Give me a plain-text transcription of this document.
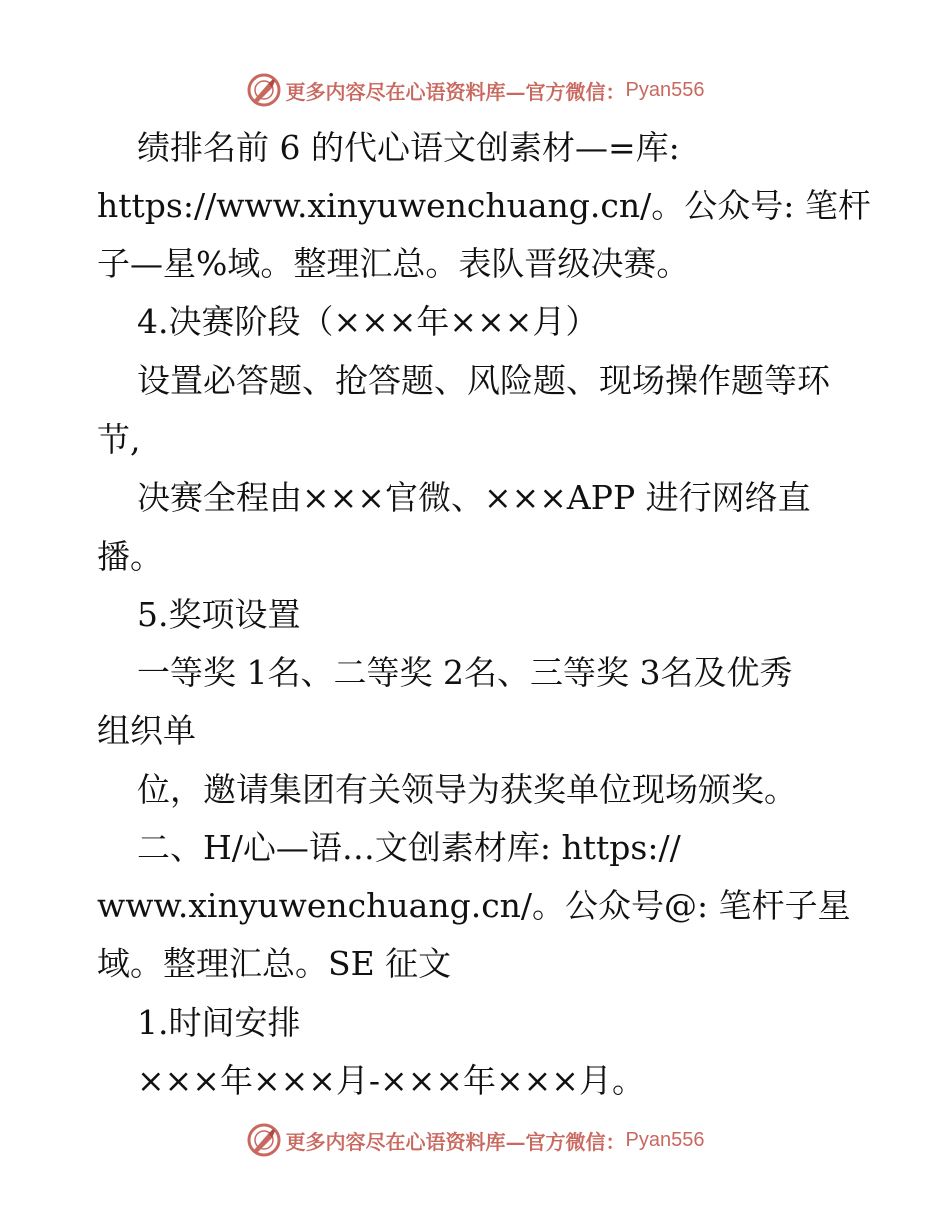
更多内容尽在心语资料库—官方微信： Pyan556
绩排名前 6 的代心语文创素材—=库:
https://www.xinyuwenchuang.cn/。公众号: 笔杆
子—星%域。整理汇总。表队晋级决赛。
4.决赛阶段（×××年×××月）
设置必答题、抢答题、风险题、现场操作题等环
节,
决赛全程由×××官微、×××APP 进行网络直
播。
5.奖项设置
一等奖 1名、二等奖 2名、三等奖 3名及优秀
组织单
位，邀请集团有关领导为获奖单位现场颁奖。
二、H/心—语…文创素材库: https://
www.xinyuwenchuang.cn/。公众号@: 笔杆子星
域。整理汇总。SE 征文
1.时间安排
×××年×××月-×××年×××月。
更多内容尽在心语资料库—官方微信： Pyan556
